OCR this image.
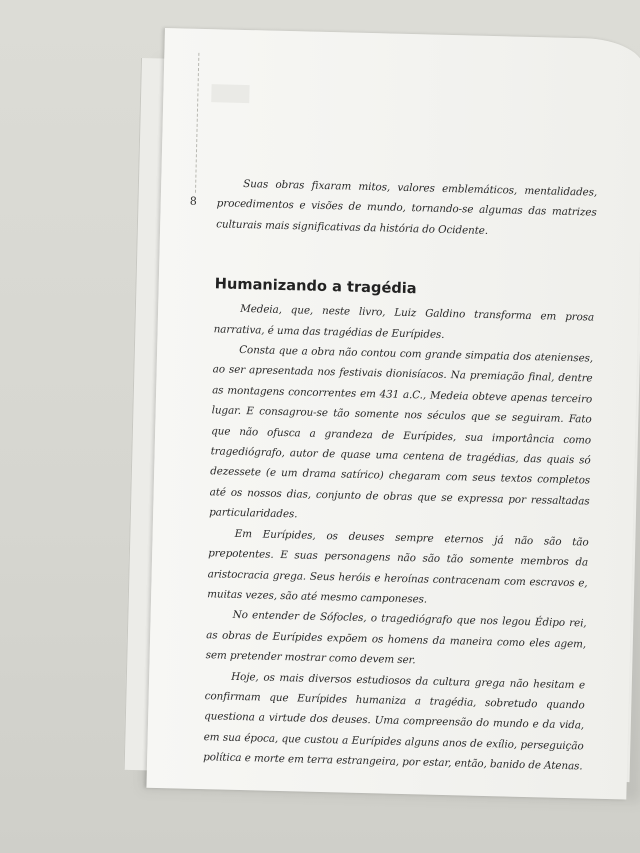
8

Suas obras fixaram mitos, valores emblemáticos, mentalidades, procedimentos e visões de mundo, tornando-se algumas das matrizes culturais mais significativas da história do Ocidente.

Humanizando a tragédia

Medeia, que, neste livro, Luiz Galdino transforma em prosa narrativa, é uma das tragédias de Eurípides.

Consta que a obra não contou com grande simpatia dos atenienses, ao ser apresentada nos festivais dionisíacos. Na premiação final, dentre as montagens concorrentes em 431 a.C., Medeia obteve apenas terceiro lugar. E consagrou-se tão somente nos séculos que se seguiram. Fato que não ofusca a grandeza de Eurípides, sua importância como tragediógrafo, autor de quase uma centena de tragédias, das quais só dezessete (e um drama satírico) chegaram com seus textos completos até os nossos dias, conjunto de obras que se expressa por ressaltadas particularidades.

Em Eurípides, os deuses sempre eternos já não são tão prepotentes. E suas personagens não são tão somente membros da aristocracia grega. Seus heróis e heroínas contracenam com escravos e, muitas vezes, são até mesmo camponeses.

No entender de Sófocles, o tragediógrafo que nos legou Édipo rei, as obras de Eurípides expõem os homens da maneira como eles agem, sem pretender mostrar como devem ser.

Hoje, os mais diversos estudiosos da cultura grega não hesitam e confirmam que Eurípides humaniza a tragédia, sobretudo quando questiona a virtude dos deuses. Uma compreensão do mundo e da vida, em sua época, que custou a Eurípides alguns anos de exílio, perseguição política e morte em terra estrangeira, por estar, então, banido de Atenas.
